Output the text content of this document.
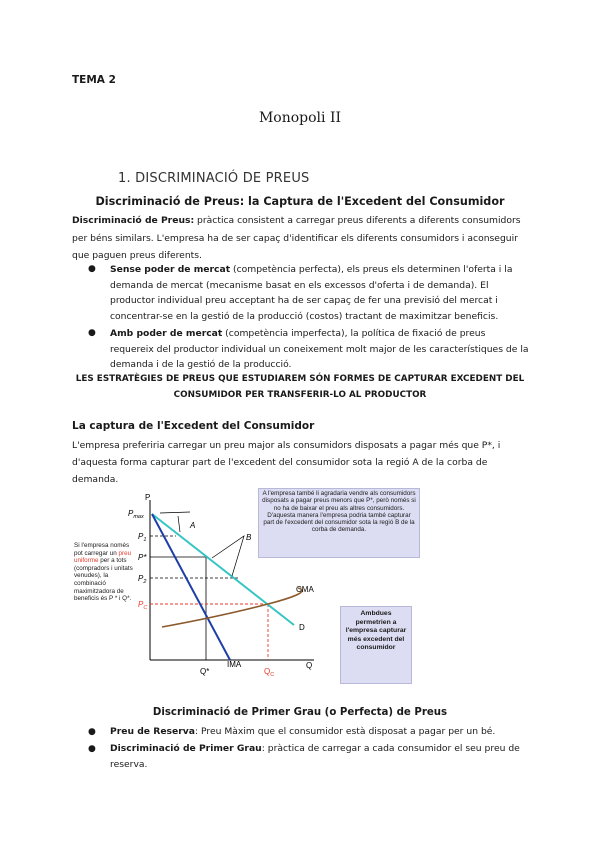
TEMA 2
Monopoli II
1. DISCRIMINACIÓ DE PREUS
Discriminació de Preus: la Captura de l'Excedent del Consumidor
Discriminació de Preus: pràctica consistent a carregar preus diferents a diferents consumidors per béns similars. L'empresa ha de ser capaç d'identificar els diferents consumidors i aconseguir que paguen preus diferents.
● Sense poder de mercat (competència perfecta), els preus els determinen l'oferta i la demanda de mercat (mecanisme basat en els excessos d'oferta i de demanda). El productor individual preu acceptant ha de ser capaç de fer una previsió del mercat i concentrar-se en la gestió de la producció (costos) tractant de maximitzar beneficis.
● Amb poder de mercat (competència imperfecta), la política de fixació de preus requereix del productor individual un coneixement molt major de les característiques de la demanda i de la gestió de la producció.
LES ESTRATÈGIES DE PREUS QUE ESTUDIAREM SÓN FORMES DE CAPTURAR EXCEDENT DEL CONSUMIDOR PER TRANSFERIR-LO AL PRODUCTOR
La captura de l'Excedent del Consumidor
L'empresa preferiria carregar un preu major als consumidors disposats a pagar més que P*, i d'aquesta forma capturar part de l'excedent del consumidor sota la regió A de la corba de demanda.
P
Q
$P_{max}$
$P_1$
P*
$P_2$
$P_C$
Q*	$Q_C$
A
B
CMA
D
IMA
Si l'empresa només pot carregar un preu uniforme per a tots (compradors i unitats venudes), la combinació maximitzadora de beneficis és P * i Q*.
A l'empresa també li agradaria vendre als consumidors disposats a pagar preus menors que P*, però només si no ha de baixar el preu als altres consumidors. D'aquesta manera l'empresa podria també capturar part de l'excedent del consumidor sota la regió B de la corba de demanda.
Ambdues permetrien a l'empresa capturar més excedent del consumidor
Discriminació de Primer Grau (o Perfecta) de Preus
● Preu de Reserva: Preu Màxim que el consumidor està disposat a pagar per un bé.
● Discriminació de Primer Grau: pràctica de carregar a cada consumidor el seu preu de reserva.
